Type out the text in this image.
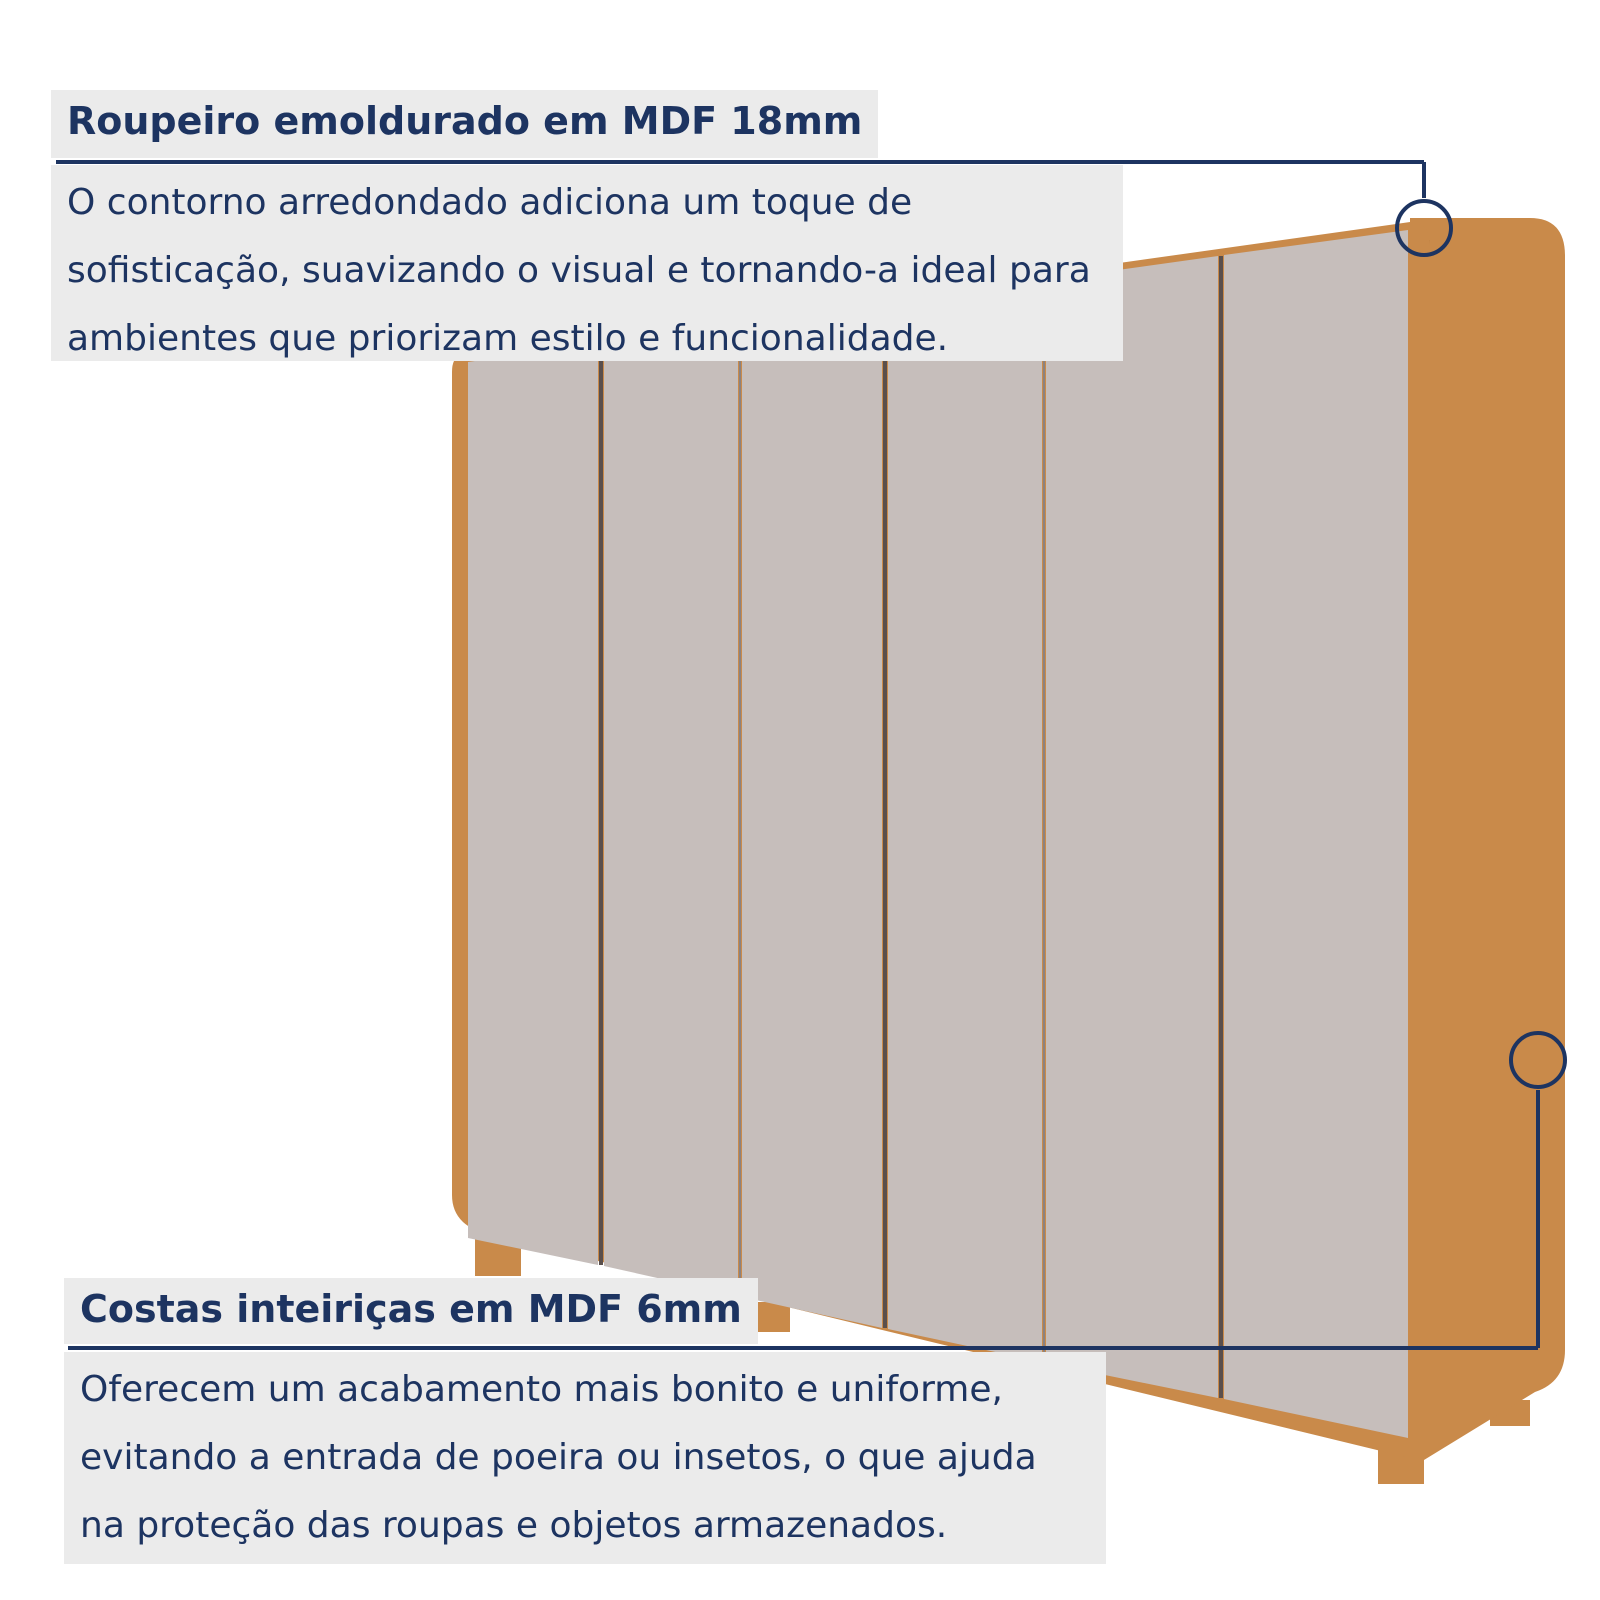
Roupeiro emoldurado em MDF 18mm
O contorno arredondado adiciona um toque de sofisticação, suavizando o visual e tornando-a ideal para ambientes que priorizam estilo e funcionalidade.
Costas inteiriças em MDF 6mm
Oferecem um acabamento mais bonito e uniforme, evitando a entrada de poeira ou insetos, o que ajuda na proteção das roupas e objetos armazenados.
